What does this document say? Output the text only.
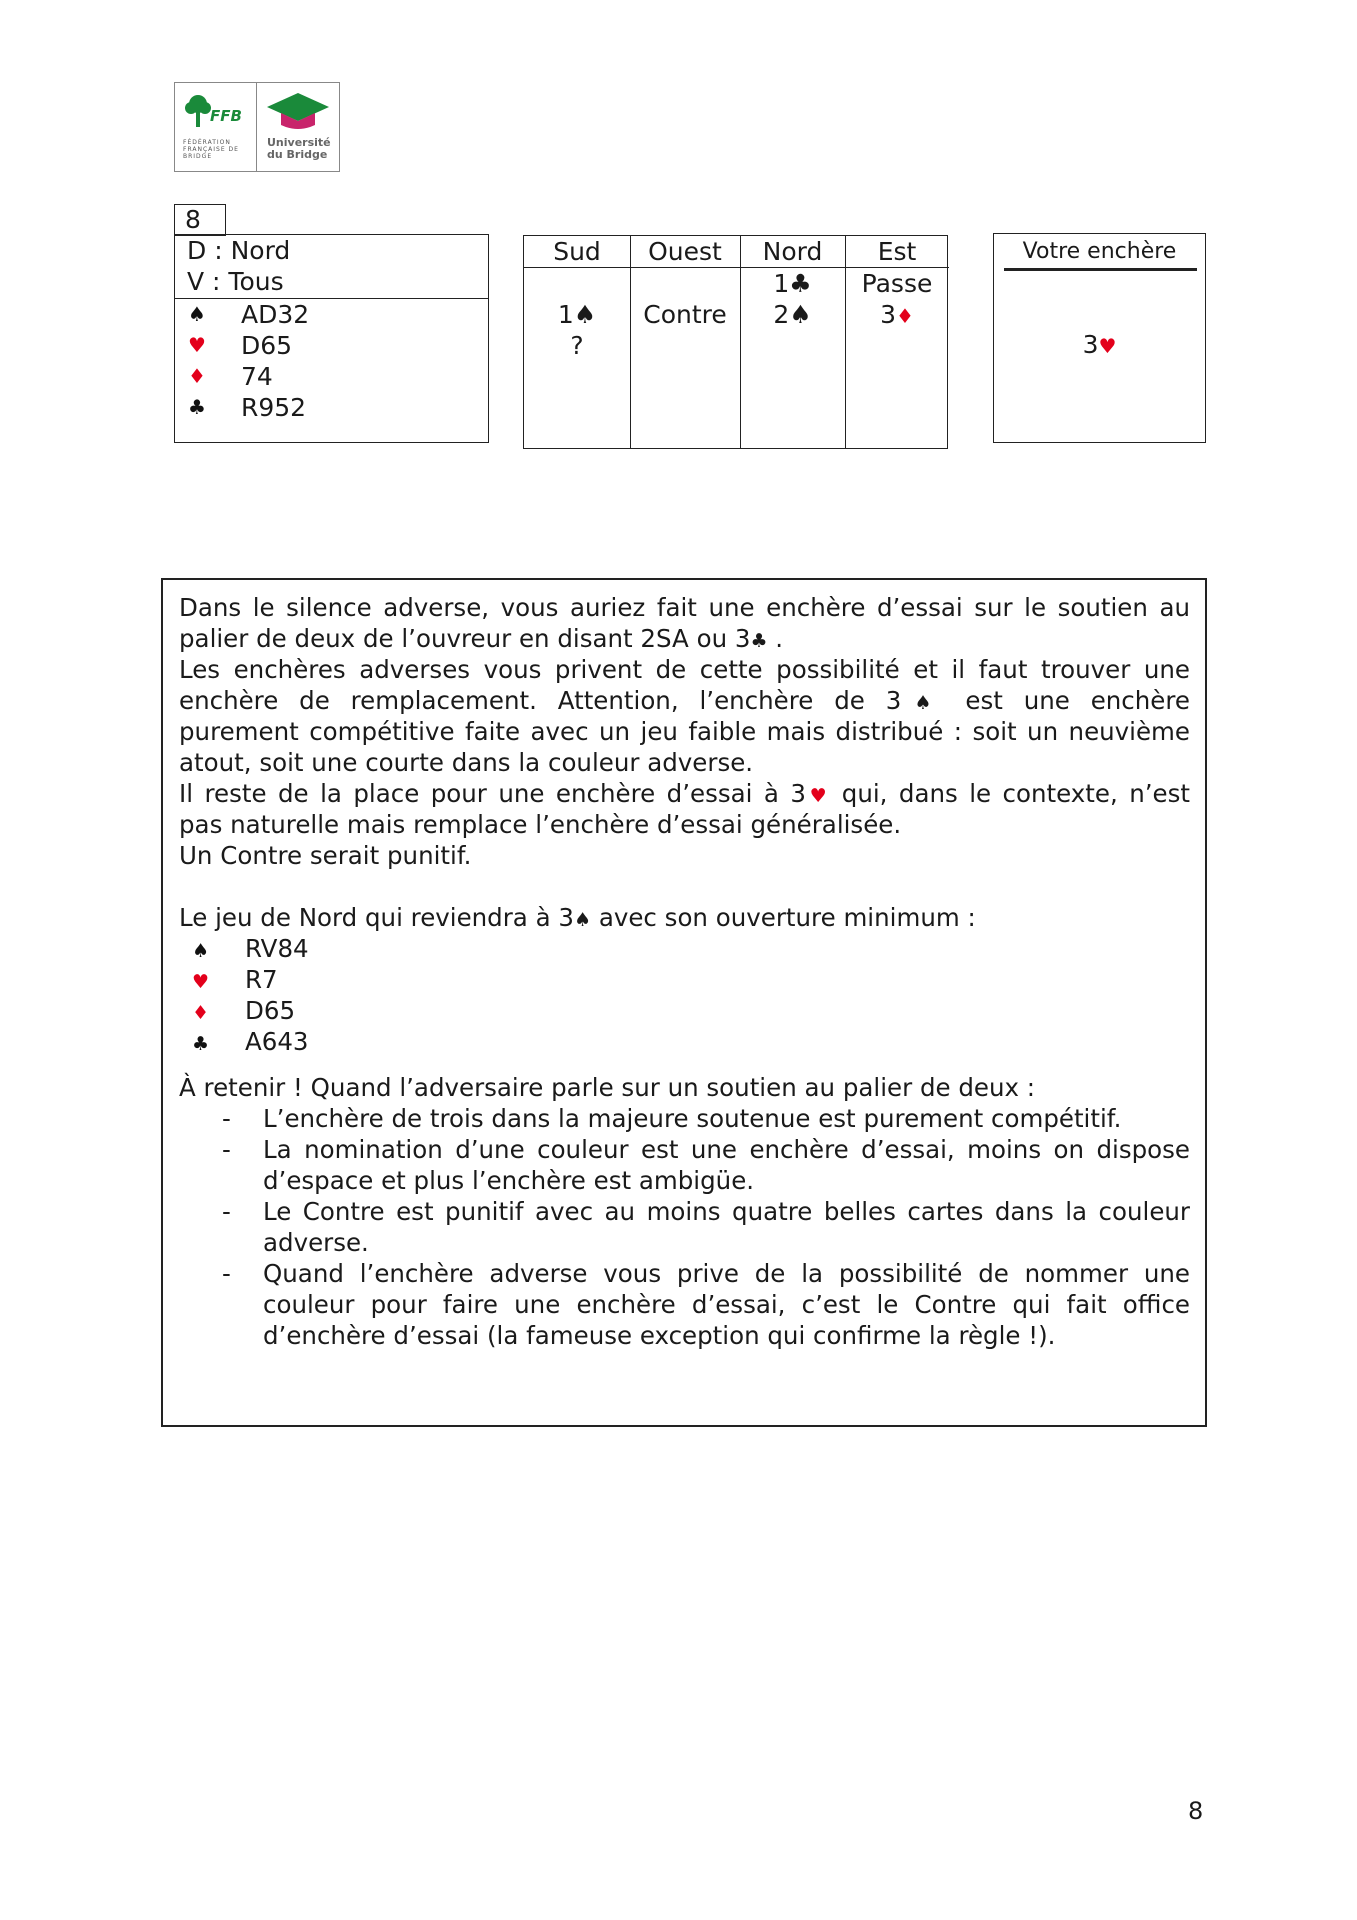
FFB
FÉDÉRATION FRANÇAISE DE BRIDGE
Université du Bridge
8
D : Nord
V : Tous
♠ AD32
♥ D65
♦ 74
♣ R952
Sud
1♠
?
Ouest
Contre
Nord
1♣
2♠
Est
Passe
3♦
Votre enchère
3♥
Dans le silence adverse, vous auriez fait une enchère d’essai sur le soutien au
palier de deux de l’ouvreur en disant 2SA ou 3♣ .
Les enchères adverses vous privent de cette possibilité et il faut trouver une
enchère de remplacement. Attention, l’enchère de 3♠ est une enchère
purement compétitive faite avec un jeu faible mais distribué : soit un neuvième
atout, soit une courte dans la couleur adverse.
Il reste de la place pour une enchère d’essai à 3♥ qui, dans le contexte, n’est
pas naturelle mais remplace l’enchère d’essai généralisée.
Un Contre serait punitif.
Le jeu de Nord qui reviendra à 3♠ avec son ouverture minimum :
♠ RV84
♥ R7
♦ D65
♣ A643
À retenir ! Quand l’adversaire parle sur un soutien au palier de deux :
- L’enchère de trois dans la majeure soutenue est purement compétitif.
- La nomination d’une couleur est une enchère d’essai, moins on dispose
d’espace et plus l’enchère est ambigüe.
- Le Contre est punitif avec au moins quatre belles cartes dans la couleur
adverse.
- Quand l’enchère adverse vous prive de la possibilité de nommer une
couleur pour faire une enchère d’essai, c’est le Contre qui fait office
d’enchère d’essai (la fameuse exception qui confirme la règle !).
8
